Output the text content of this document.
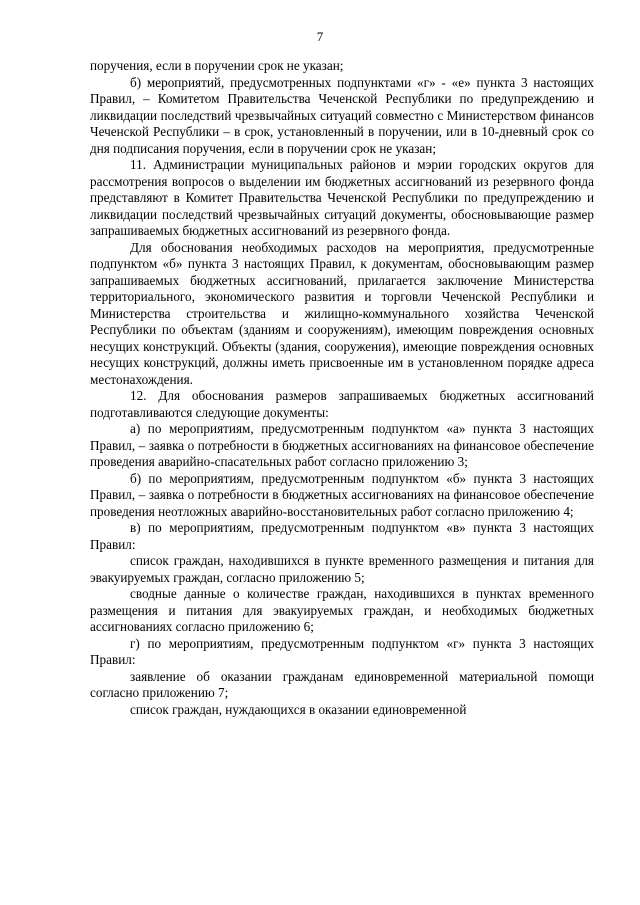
7

поручения, если в поручении срок не указан;

б) мероприятий, предусмотренных подпунктами «г» - «е» пункта 3 настоящих Правил, – Комитетом Правительства Чеченской Республики по предупреждению и ликвидации последствий чрезвычайных ситуаций совместно с Министерством финансов Чеченской Республики – в срок, установленный в поручении, или в 10-дневный срок со дня подписания поручения, если в поручении срок не указан;

11. Администрации муниципальных районов и мэрии городских округов для рассмотрения вопросов о выделении им бюджетных ассигнований из резервного фонда представляют в Комитет Правительства Чеченской Республики по предупреждению и ликвидации последствий чрезвычайных ситуаций документы, обосновывающие размер запрашиваемых бюджетных ассигнований из резервного фонда.

Для обоснования необходимых расходов на мероприятия, предусмотренные подпунктом «б» пункта 3 настоящих Правил, к документам, обосновывающим размер запрашиваемых бюджетных ассигнований, прилагается заключение Министерства территориального, экономического развития и торговли Чеченской Республики и Министерства строительства и жилищно-коммунального хозяйства Чеченской Республики по объектам (зданиям и сооружениям), имеющим повреждения основных несущих конструкций. Объекты (здания, сооружения), имеющие повреждения основных несущих конструкций, должны иметь присвоенные им в установленном порядке адреса местонахождения.

12. Для обоснования размеров запрашиваемых бюджетных ассигнований подготавливаются следующие документы:

а) по мероприятиям, предусмотренным подпунктом «а» пункта 3 настоящих Правил, – заявка о потребности в бюджетных ассигнованиях на финансовое обеспечение проведения аварийно-спасательных работ согласно приложению 3;

б) по мероприятиям, предусмотренным подпунктом «б» пункта 3 настоящих Правил, – заявка о потребности в бюджетных ассигнованиях на финансовое обеспечение проведения неотложных аварийно-восстановительных работ согласно приложению 4;

в) по мероприятиям, предусмотренным подпунктом «в» пункта 3 настоящих Правил:

список граждан, находившихся в пункте временного размещения и питания для эвакуируемых граждан, согласно приложению 5;

сводные данные о количестве граждан, находившихся в пунктах временного размещения и питания для эвакуируемых граждан, и необходимых бюджетных ассигнованиях согласно приложению 6;

г) по мероприятиям, предусмотренным подпунктом «г» пункта 3 настоящих Правил:

заявление об оказании гражданам единовременной материальной помощи согласно приложению 7;

список граждан, нуждающихся в оказании единовременной
